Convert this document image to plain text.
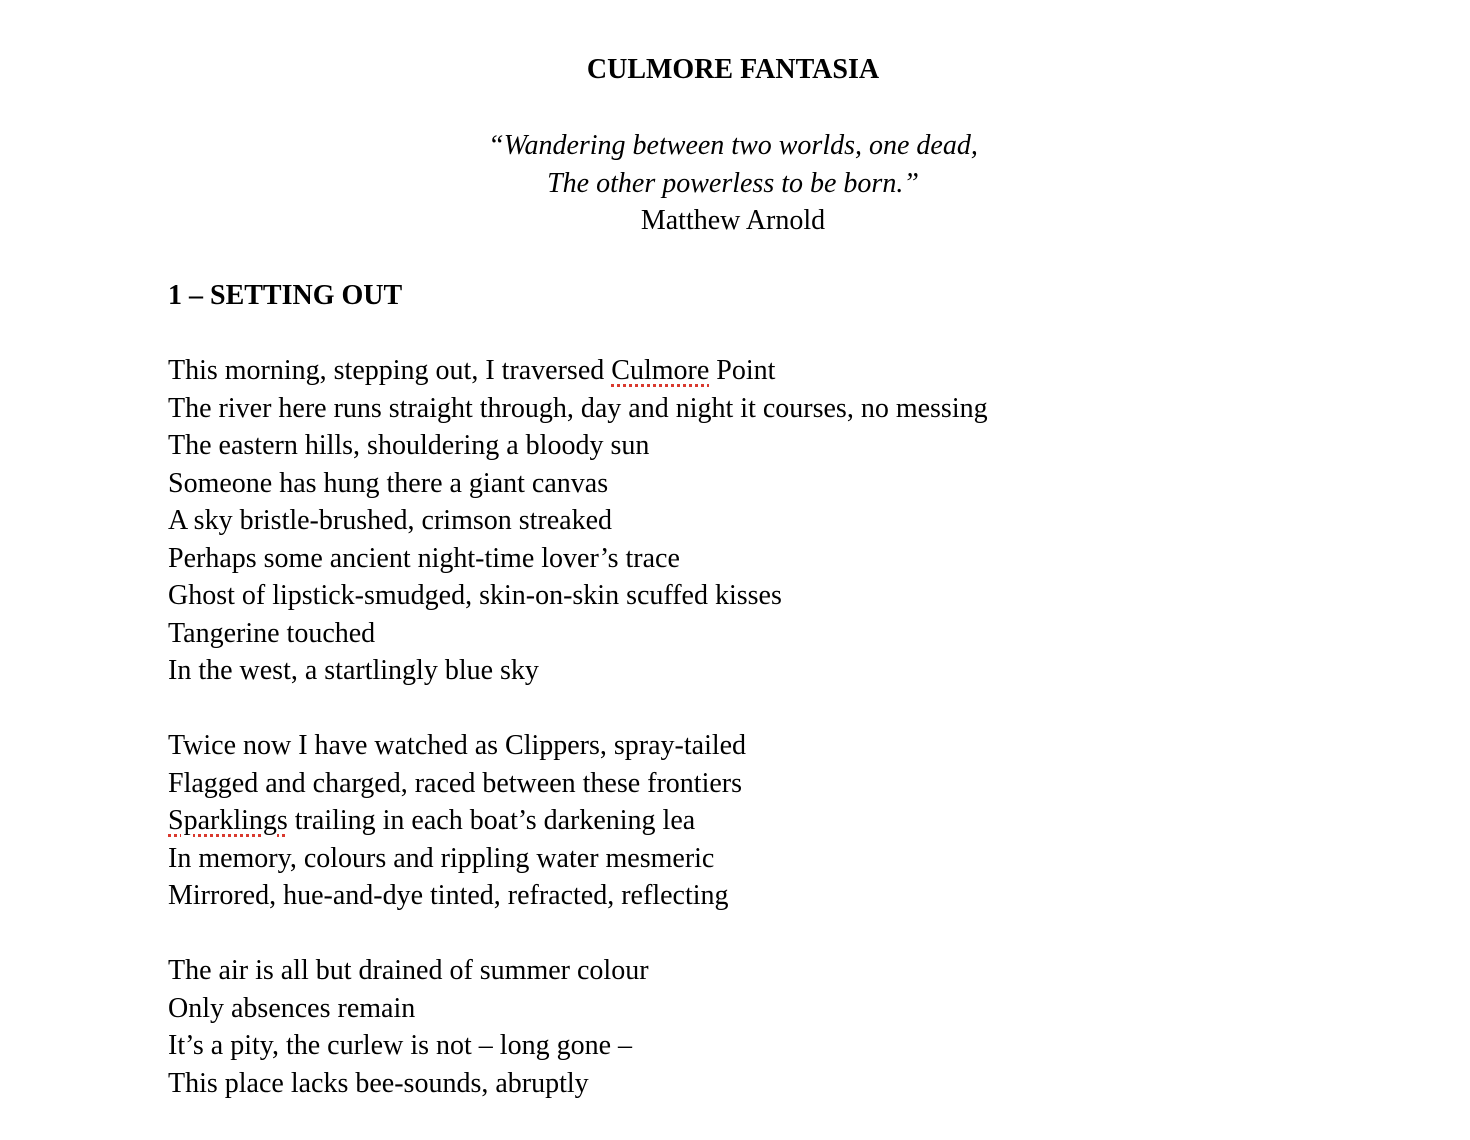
CULMORE FANTASIA
“Wandering between two worlds, one dead,
The other powerless to be born.”
Matthew Arnold
1 – SETTING OUT
This morning, stepping out, I traversed Culmore Point
The river here runs straight through, day and night it courses, no messing
The eastern hills, shouldering a bloody sun
Someone has hung there a giant canvas
A sky bristle-brushed, crimson streaked
Perhaps some ancient night-time lover’s trace
Ghost of lipstick-smudged, skin-on-skin scuffed kisses
Tangerine touched
In the west, a startlingly blue sky
Twice now I have watched as Clippers, spray-tailed
Flagged and charged, raced between these frontiers
Sparklings trailing in each boat’s darkening lea
In memory, colours and rippling water mesmeric
Mirrored, hue-and-dye tinted, refracted, reflecting
The air is all but drained of summer colour
Only absences remain
It’s a pity, the curlew is not – long gone –
This place lacks bee-sounds, abruptly
